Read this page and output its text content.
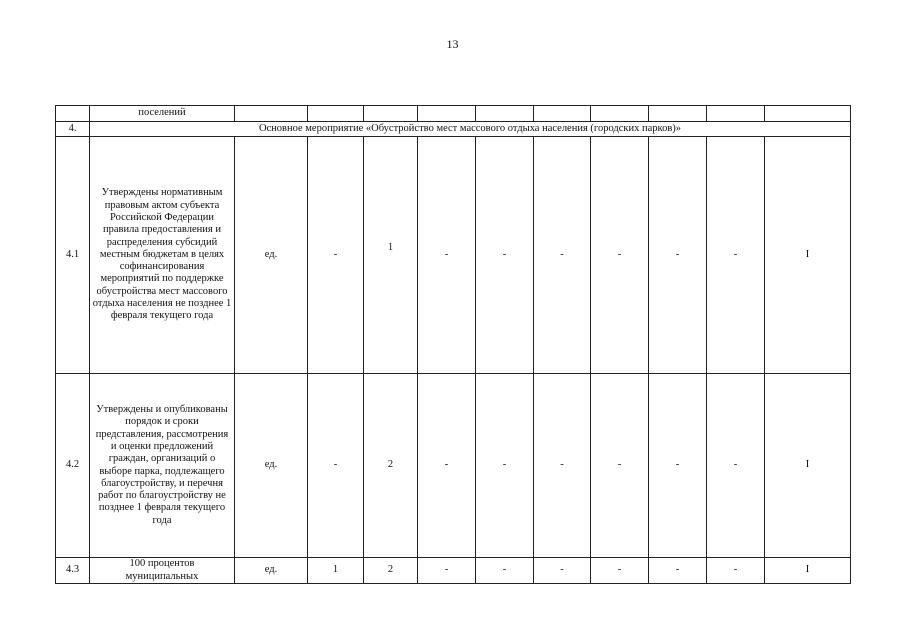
13
	поселений										
4.	Основное мероприятие «Обустройство мест массового отдыха населения (городских парков)»										
4.1	Утверждены нормативным правовым актом субъекта Российской Федерации правила предоставления и распределения субсидий местным бюджетам в целях софинансирования мероприятий по поддержке обустройства мест массового отдыха населения не позднее 1 февраля текущего года	ед.	-	1	-	-	-	-	-	-	I
4.2	Утверждены и опубликованы порядок и сроки представления, рассмотрения и оценки предложений граждан, организаций о выборе парка, подлежащего благоустройству, и перечня работ по благоустройству не позднее 1 февраля текущего года	ед.	-	2	-	-	-	-	-	-	I
4.3	100 процентов муниципальных	ед.	1	2	-	-	-	-	-	-	I
